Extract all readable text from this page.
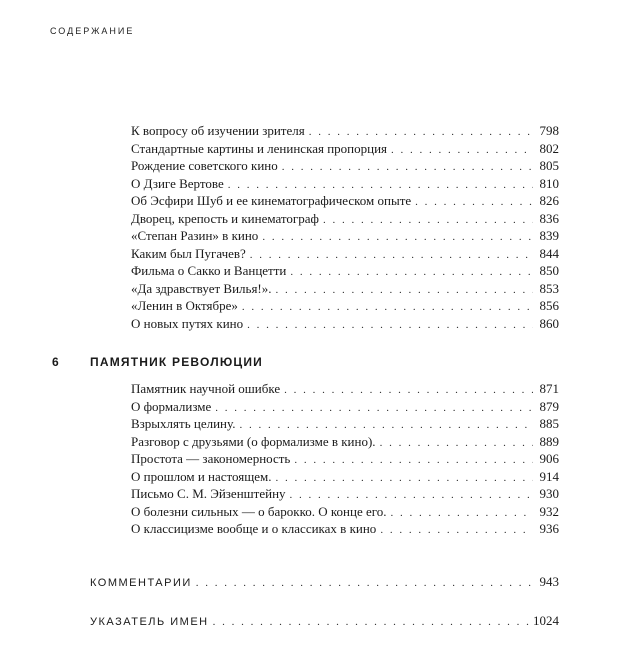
СОДЕРЖАНИЕ
К вопросу об изучении зрителя . . .	798
Стандартные картины и ленинская пропорция . . .	802
Рождение советского кино . . .	805
О Дзиге Вертове . . .	810
Об Эсфири Шуб и ее кинематографическом опыте . . .	826
Дворец, крепость и кинематограф . . .	836
«Степан Разин» в кино . . .	839
Каким был Пугачев? . . .	844
Фильма о Сакко и Ванцетти . . .	850
«Да здравствует Вилья!». . . .	853
«Ленин в Октябре» . . .	856
О новых путях кино . . .	860
6	ПАМЯТНИК РЕВОЛЮЦИИ
Памятник научной ошибке . . .	871
О формализме . . .	879
Взрыхлять целину. . . .	885
Разговор с друзьями (о формализме в кино). . . .	889
Простота — закономерность . . .	906
О прошлом и настоящем. . . .	914
Письмо С. М. Эйзенштейну . . .	930
О болезни сильных — о барокко. О конце его. . . .	932
О классицизме вообще и о классиках в кино . . .	936
КОММЕНТАРИИ . . .	943
УКАЗАТЕЛЬ ИМЕН . . .	1024
